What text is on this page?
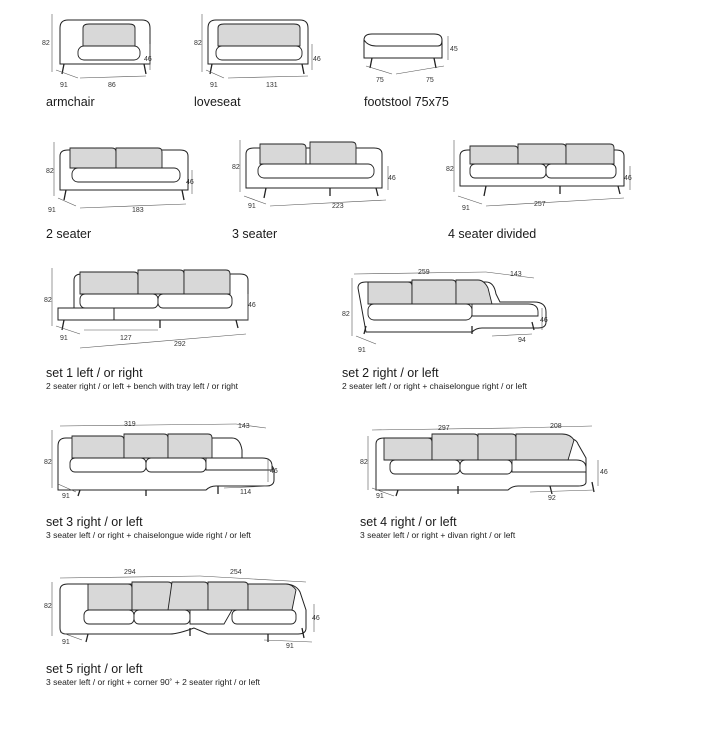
82
46
91	86
armchair
82
46
91	131
loveseat
45
75	75
footstool 75x75
82
46
91	183
2 seater
82
46
91	223
3 seater
82
46
91
257
4 seater divided
82
46
91	127
292
set 1 left / or right
2 seater right / or left + bench with tray left / or right
259	143
82
46
91
94
set 2 right / or left
2 seater left / or right + chaiselongue right / or left
319	143
82
46
91
114
set 3 right / or left
3 seater left / or right + chaiselongue wide right / or left
297	208
82
46
91	92
set 4 right / or left
3 seater left / or right + divan right / or left
294	254
82
46
91
91
set 5 right / or left
3 seater left / or right + corner 90˚ + 2 seater right / or left
